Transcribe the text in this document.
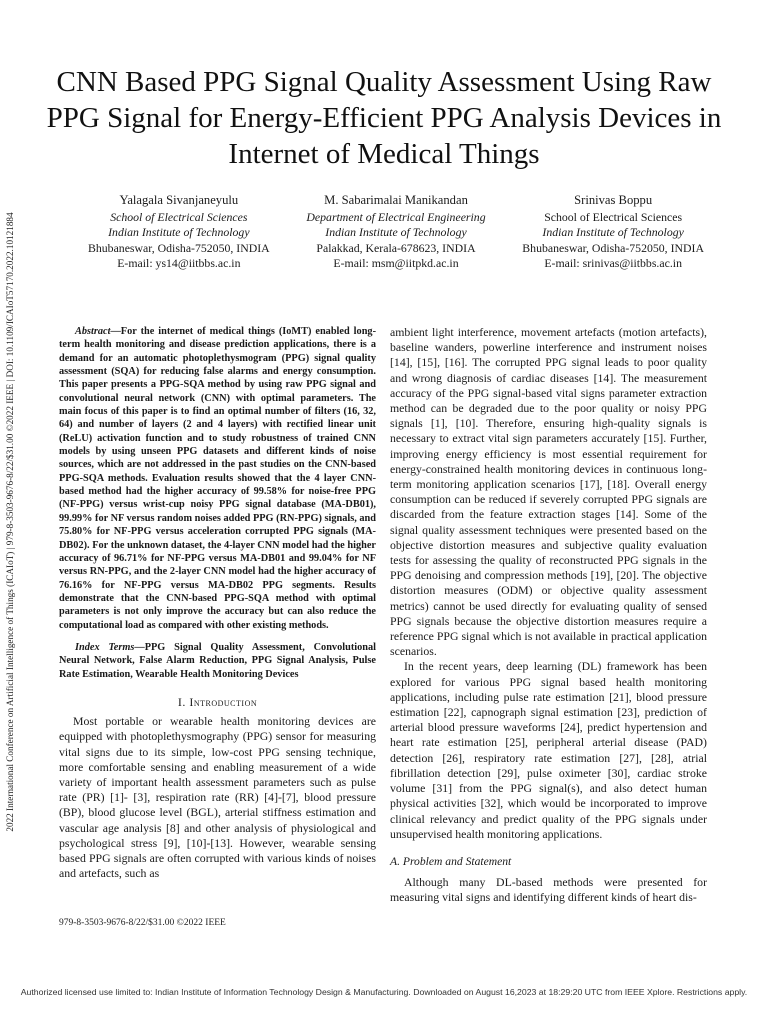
2022 International Conference on Artificial Intelligence of Things (ICAIoT) | 979-8-3503-9676-8/22/$31.00 ©2022 IEEE | DOI: 10.1109/ICAIoT57170.2022.10121884
CNN Based PPG Signal Quality Assessment Using Raw PPG Signal for Energy-Efficient PPG Analysis Devices in Internet of Medical Things
Yalagala Sivanjaneyulu
School of Electrical Sciences
Indian Institute of Technology
Bhubaneswar, Odisha-752050, INDIA
E-mail: ys14@iitbbs.ac.in
M. Sabarimalai Manikandan
Department of Electrical Engineering
Indian Institute of Technology
Palakkad, Kerala-678623, INDIA
E-mail: msm@iitpkd.ac.in
Srinivas Boppu
School of Electrical Sciences
Indian Institute of Technology
Bhubaneswar, Odisha-752050, INDIA
E-mail: srinivas@iitbbs.ac.in

Abstract—For the internet of medical things (IoMT) enabled long-term health monitoring and disease prediction applications, there is a demand for an automatic photoplethysmogram (PPG) signal quality assessment (SQA) for reducing false alarms and energy consumption. This paper presents a PPG-SQA method by using raw PPG signal and convolutional neural network (CNN) with optimal parameters. The main focus of this paper is to find an optimal number of filters (16, 32, 64) and number of layers (2 and 4 layers) with rectified linear unit (ReLU) activation function and to study robustness of trained CNN models by using unseen PPG datasets and different kinds of noise sources, which are not addressed in the past studies on the CNN-based PPG-SQA methods. Evaluation results showed that the 4 layer CNN-based method had the higher accuracy of 99.58% for noise-free PPG (NF-PPG) versus wrist-cup noisy PPG signal database (MA-DB01), 99.99% for NF versus random noises added PPG (RN-PPG) signals, and 75.80% for NF-PPG versus acceleration corrupted PPG signals (MA-DB02). For the unknown dataset, the 4-layer CNN model had the higher accuracy of 96.71% for NF-PPG versus MA-DB01 and 99.04% for NF versus RN-PPG, and the 2-layer CNN model had the higher accuracy of 76.16% for NF-PPG versus MA-DB02 PPG segments. Results demonstrate that the CNN-based PPG-SQA method with optimal parameters is not only improve the accuracy but can also reduce the computational load as compared with other existing methods.

Index Terms—PPG Signal Quality Assessment, Convolutional Neural Network, False Alarm Reduction, PPG Signal Analysis, Pulse Rate Estimation, Wearable Health Monitoring Devices

I. Introduction

Most portable or wearable health monitoring devices are equipped with photoplethysmography (PPG) sensor for measuring vital signs due to its simple, low-cost PPG sensing technique, more comfortable sensing and enabling measurement of a wide variety of important health assessment parameters such as pulse rate (PR) [1]- [3], respiration rate (RR) [4]-[7], blood pressure (BP), blood glucose level (BGL), arterial stiffness estimation and vascular age analysis [8] and other analysis of physiological and psychological stress [9], [10]-[13]. However, wearable sensing based PPG signals are often corrupted with various kinds of noises and artefacts, such as

979-8-3503-9676-8/22/$31.00 ©2022 IEEE

ambient light interference, movement artefacts (motion artefacts), baseline wanders, powerline interference and instrument noises [14], [15], [16]. The corrupted PPG signal leads to poor quality and wrong diagnosis of cardiac diseases [14]. The measurement accuracy of the PPG signal-based vital signs parameter extraction method can be degraded due to the poor quality or noisy PPG signals [1], [10]. Therefore, ensuring high-quality signals is necessary to extract vital sign parameters accurately [15]. Further, improving energy efficiency is most essential requirement for energy-constrained health monitoring devices in continuous long-term monitoring application scenarios [17], [18]. Overall energy consumption can be reduced if severely corrupted PPG signals are discarded from the feature extraction stages [14]. Some of the signal quality assessment techniques were presented based on the objective distortion measures and subjective quality evaluation tests for assessing the quality of reconstructed PPG signals in the PPG denoising and compression methods [19], [20]. The objective distortion measures (ODM) or objective quality assessment metrics) cannot be used directly for evaluating quality of sensed PPG signals because the objective distortion measures require a reference PPG signal which is not available in practical application scenarios.

In the recent years, deep learning (DL) framework has been explored for various PPG signal based health monitoring applications, including pulse rate estimation [21], blood pressure estimation [22], capnograph signal estimation [23], prediction of arterial blood pressure waveforms [24], predict hypertension and heart rate estimation [25], peripheral arterial disease (PAD) detection [26], respiratory rate estimation [27], [28], atrial fibrillation detection [29], pulse oximeter [30], cardiac stroke volume [31] from the PPG signal(s), and also detect human physical activities [32], which would be incorporated to improve clinical relevancy and predict quality of the PPG signals under unsupervised health monitoring applications.

A. Problem and Statement

Although many DL-based methods were presented for measuring vital signs and identifying different kinds of heart dis-

Authorized licensed use limited to: Indian Institute of Information Technology Design & Manufacturing. Downloaded on August 16,2023 at 18:29:20 UTC from IEEE Xplore. Restrictions apply.
